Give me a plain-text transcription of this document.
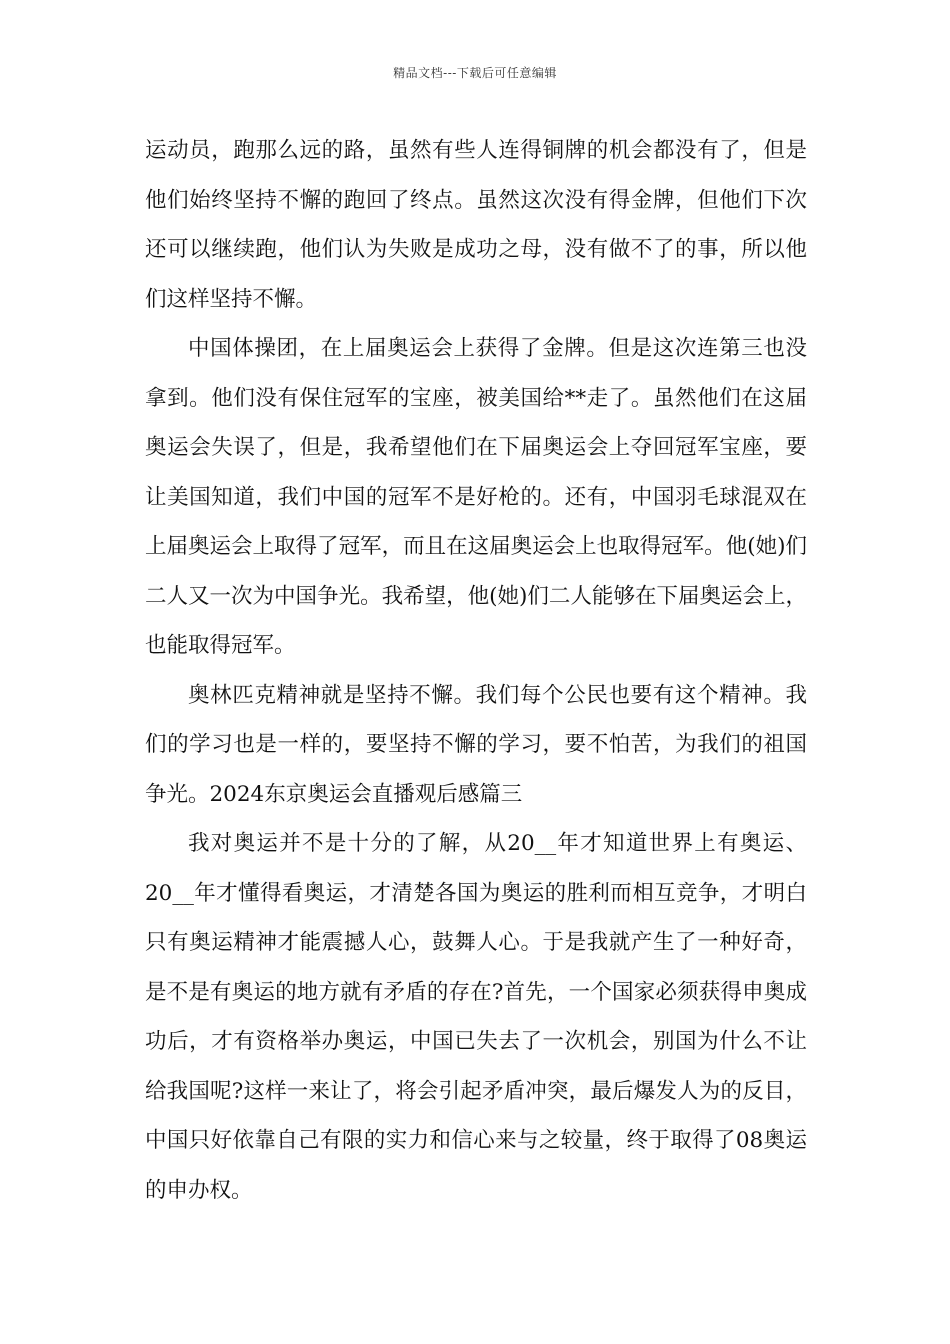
精品文档---下载后可任意编辑

运动员，跑那么远的路，虽然有些人连得铜牌的机会都没有了，但是他们始终坚持不懈的跑回了终点。虽然这次没有得金牌，但他们下次还可以继续跑，他们认为失败是成功之母，没有做不了的事，所以他们这样坚持不懈。

中国体操团，在上届奥运会上获得了金牌。但是这次连第三也没拿到。他们没有保住冠军的宝座，被美国给**走了。虽然他们在这届奥运会失误了，但是，我希望他们在下届奥运会上夺回冠军宝座，要让美国知道，我们中国的冠军不是好枪的。还有，中国羽毛球混双在上届奥运会上取得了冠军，而且在这届奥运会上也取得冠军。他(她)们二人又一次为中国争光。我希望，他(她)们二人能够在下届奥运会上，也能取得冠军。

奥林匹克精神就是坚持不懈。我们每个公民也要有这个精神。我们的学习也是一样的，要坚持不懈的学习，要不怕苦，为我们的祖国争光。2024东京奥运会直播观后感篇三

我对奥运并不是十分的了解，从20__年才知道世界上有奥运、20__年才懂得看奥运，才清楚各国为奥运的胜利而相互竞争，才明白只有奥运精神才能震撼人心，鼓舞人心。于是我就产生了一种好奇，是不是有奥运的地方就有矛盾的存在?首先，一个国家必须获得申奥成功后，才有资格举办奥运，中国已失去了一次机会，别国为什么不让给我国呢?这样一来让了，将会引起矛盾冲突，最后爆发人为的反目，中国只好依靠自己有限的实力和信心来与之较量，终于取得了08奥运的申办权。
